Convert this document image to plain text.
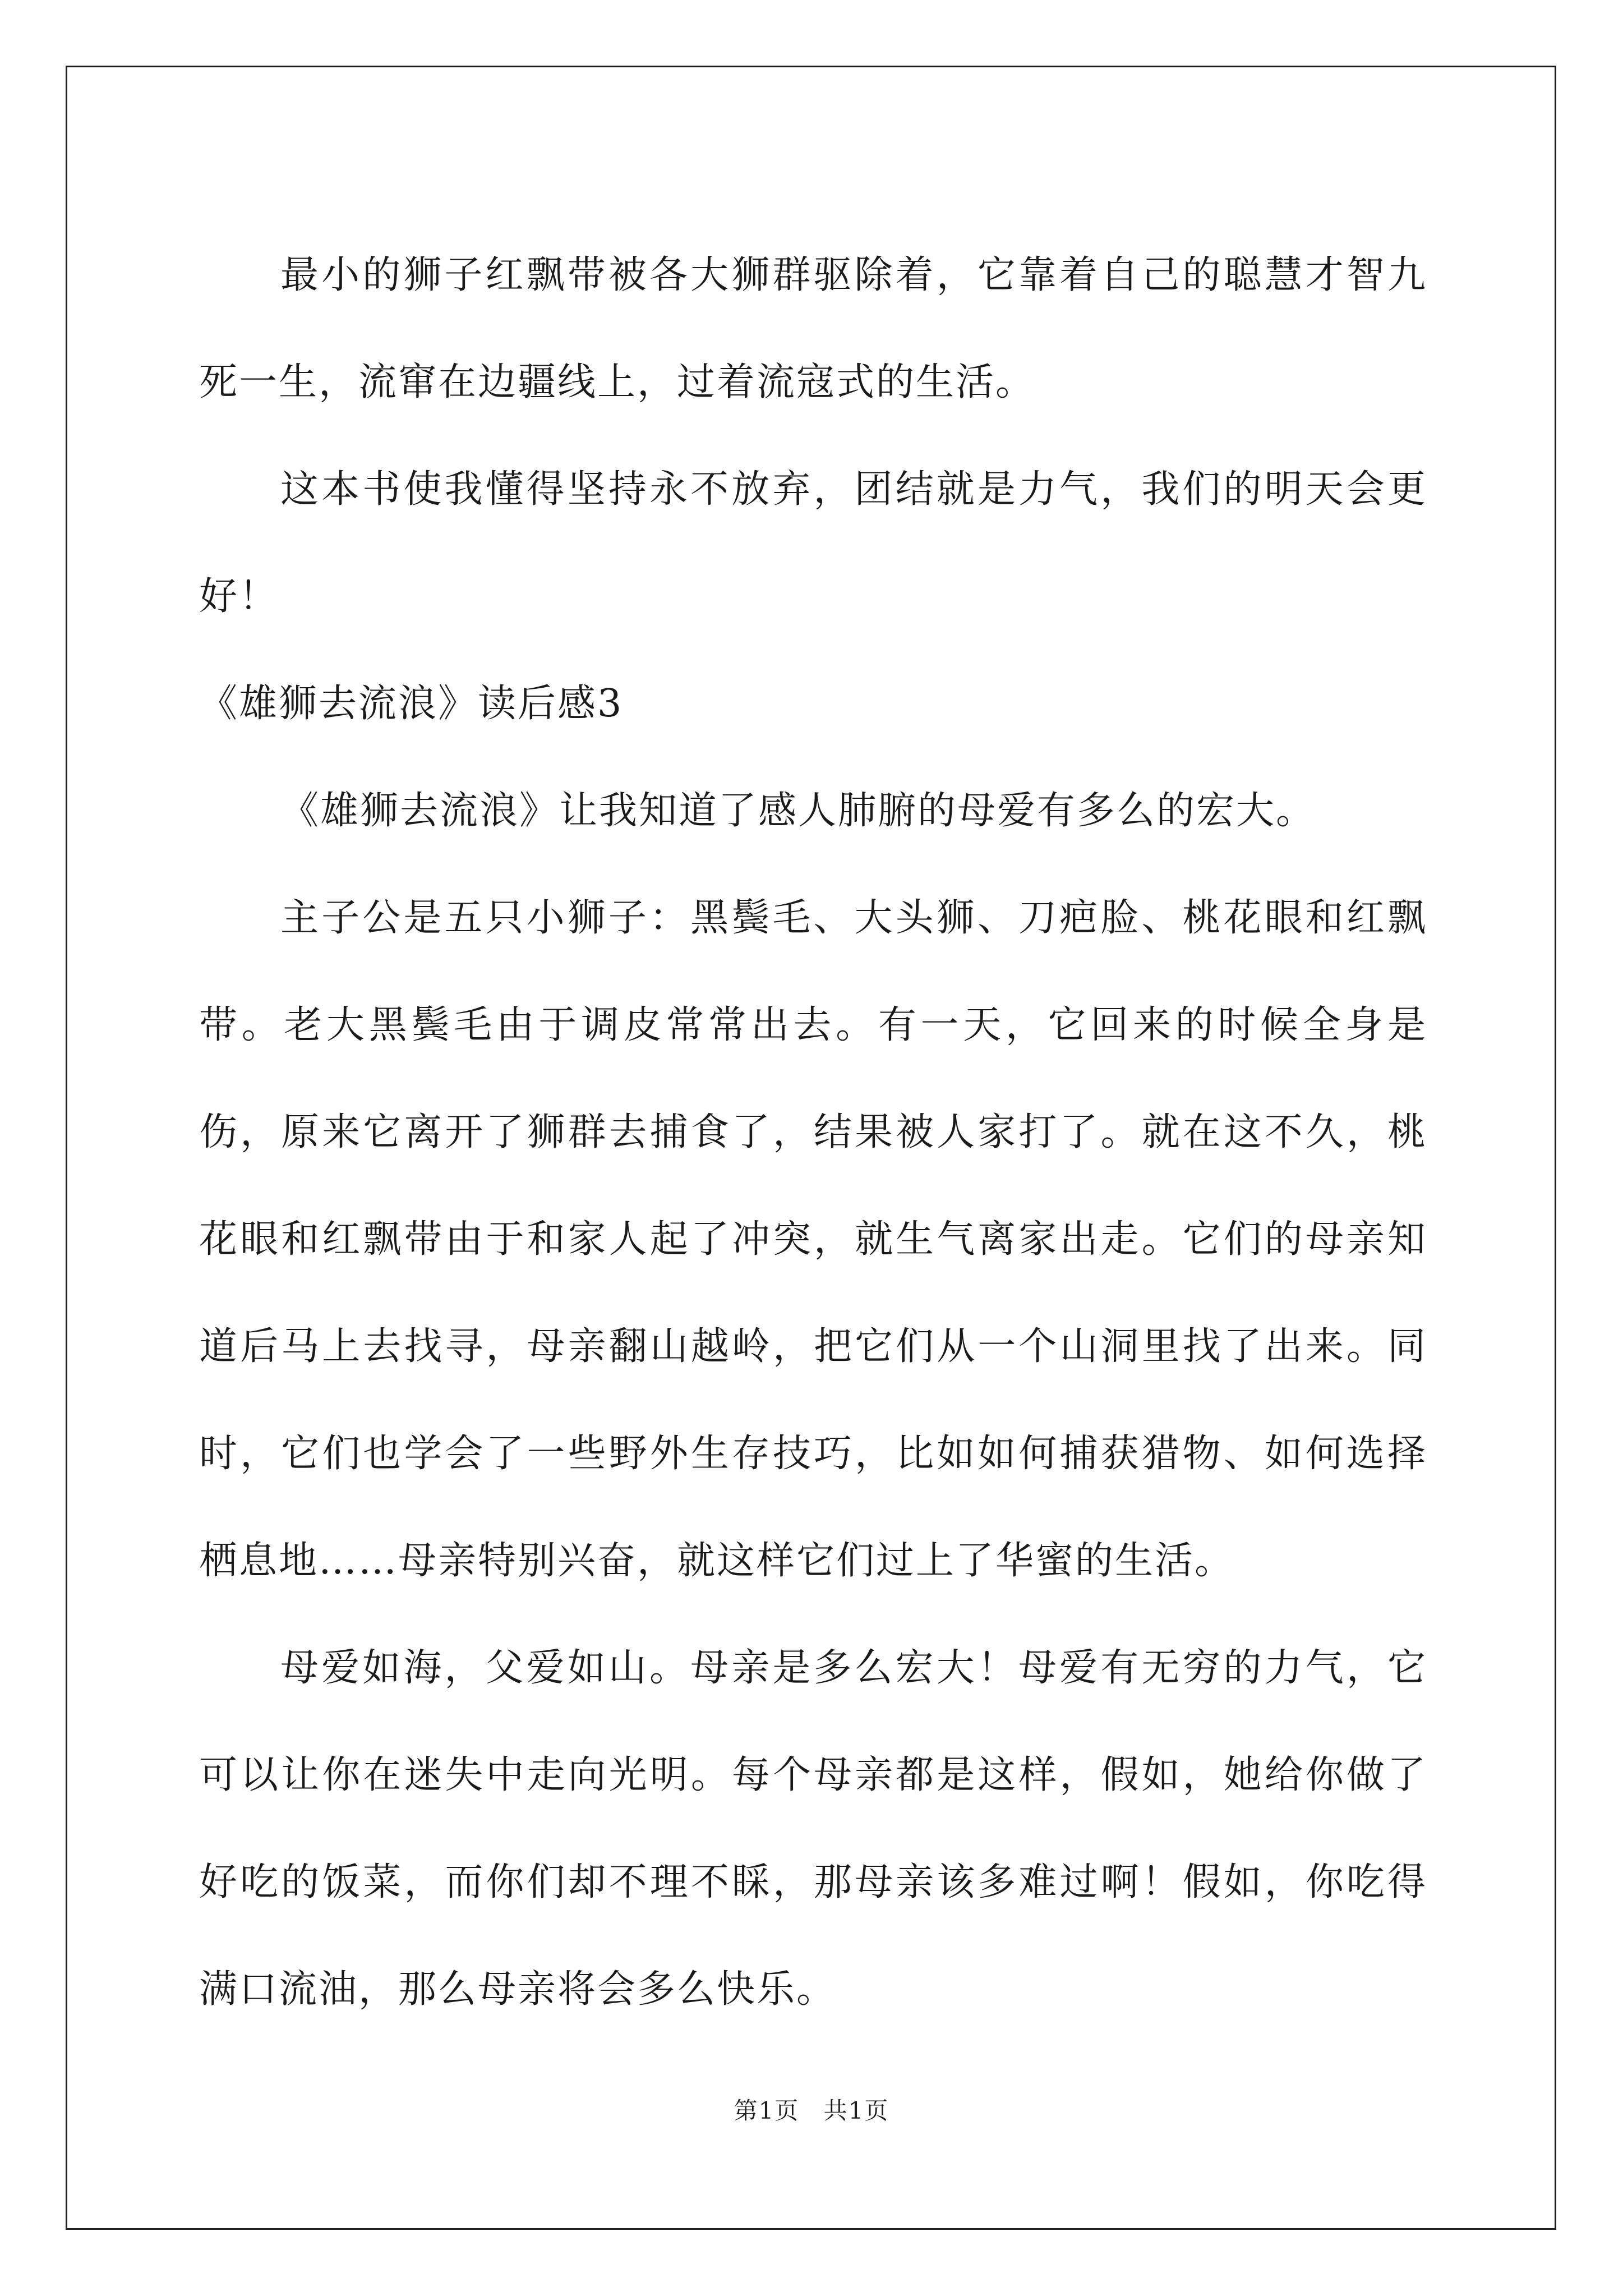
最小的狮子红飘带被各大狮群驱除着，它靠着自己的聪慧才智九死一生，流窜在边疆线上，过着流寇式的生活。

这本书使我懂得坚持永不放弃，团结就是力气，我们的明天会更好！

《雄狮去流浪》读后感3

《雄狮去流浪》让我知道了感人肺腑的母爱有多么的宏大。

主子公是五只小狮子：黑鬓毛、大头狮、刀疤脸、桃花眼和红飘带。老大黑鬓毛由于调皮常常出去。有一天，它回来的时候全身是伤，原来它离开了狮群去捕食了，结果被人家打了。就在这不久，桃花眼和红飘带由于和家人起了冲突，就生气离家出走。它们的母亲知道后马上去找寻，母亲翻山越岭，把它们从一个山洞里找了出来。同时，它们也学会了一些野外生存技巧，比如如何捕获猎物、如何选择栖息地……母亲特别兴奋，就这样它们过上了华蜜的生活。

母爱如海，父爱如山。母亲是多么宏大！母爱有无穷的力气，它可以让你在迷失中走向光明。每个母亲都是这样，假如，她给你做了好吃的饭菜，而你们却不理不睬，那母亲该多难过啊！假如，你吃得满口流油，那么母亲将会多么快乐。

第1页 共1页
